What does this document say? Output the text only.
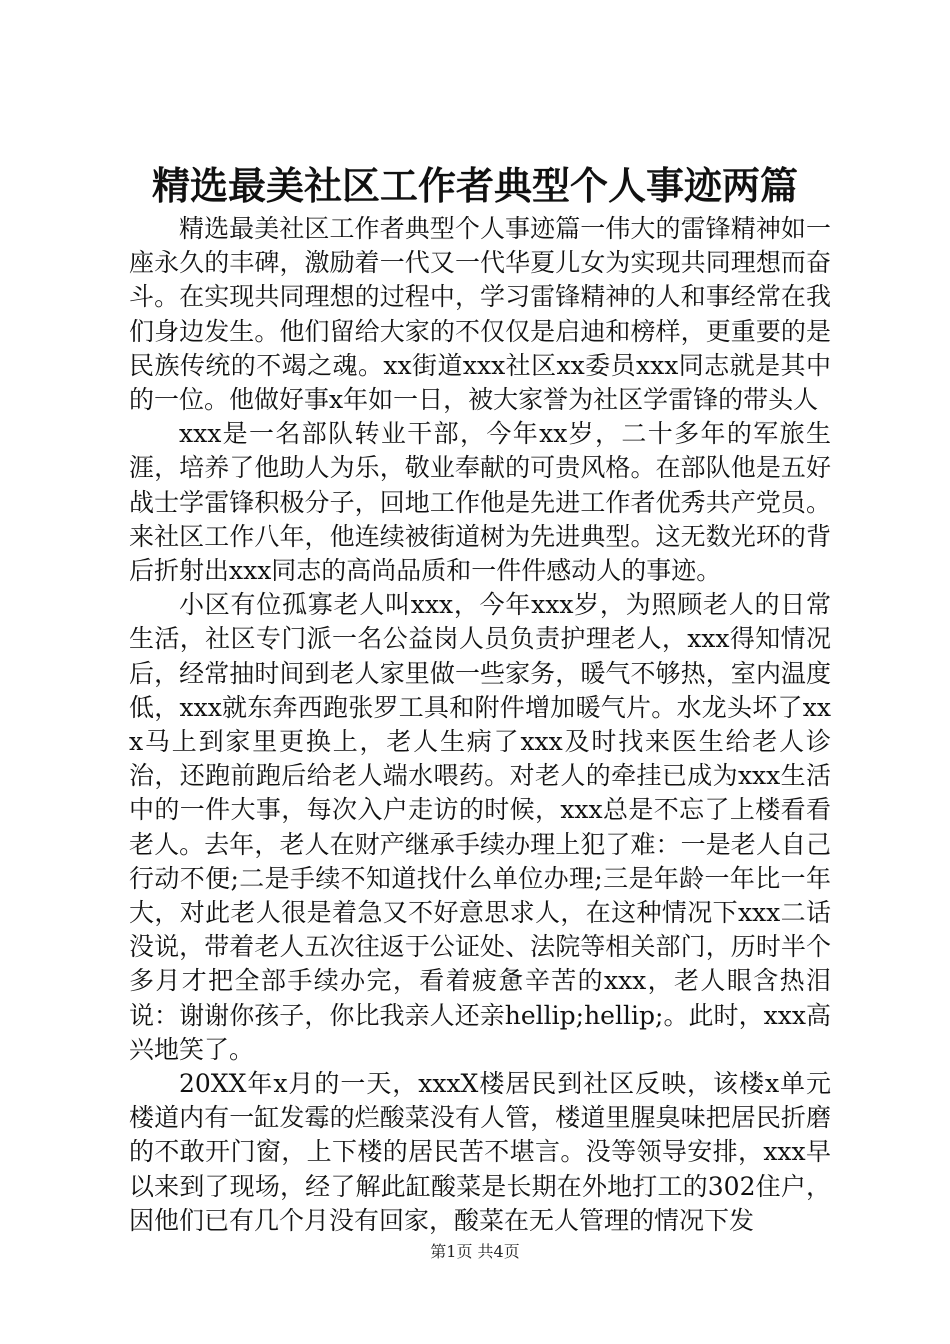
精选最美社区工作者典型个人事迹两篇

精选最美社区工作者典型个人事迹篇一伟大的雷锋精神如一座永久的丰碑，激励着一代又一代华夏儿女为实现共同理想而奋斗。在实现共同理想的过程中，学习雷锋精神的人和事经常在我们身边发生。他们留给大家的不仅仅是启迪和榜样，更重要的是民族传统的不竭之魂。xx街道xxx社区xx委员xxx同志就是其中的一位。他做好事x年如一日，被大家誉为社区学雷锋的带头人

xxx是一名部队转业干部，今年xx岁，二十多年的军旅生涯，培养了他助人为乐，敬业奉献的可贵风格。在部队他是五好战士学雷锋积极分子，回地工作他是先进工作者优秀共产党员。来社区工作八年，他连续被街道树为先进典型。这无数光环的背后折射出xxx同志的高尚品质和一件件感动人的事迹。

小区有位孤寡老人叫xxx，今年xxx岁，为照顾老人的日常生活，社区专门派一名公益岗人员负责护理老人，xxx得知情况后，经常抽时间到老人家里做一些家务，暖气不够热，室内温度低，xxx就东奔西跑张罗工具和附件增加暖气片。水龙头坏了xxx马上到家里更换上，老人生病了xxx及时找来医生给老人诊治，还跑前跑后给老人端水喂药。对老人的牵挂已成为xxx生活中的一件大事，每次入户走访的时候，xxx总是不忘了上楼看看老人。去年，老人在财产继承手续办理上犯了难：一是老人自己行动不便;二是手续不知道找什么单位办理;三是年龄一年比一年大，对此老人很是着急又不好意思求人，在这种情况下xxx二话没说，带着老人五次往返于公证处、法院等相关部门，历时半个多月才把全部手续办完，看着疲惫辛苦的xxx，老人眼含热泪说：谢谢你孩子，你比我亲人还亲hellip;hellip;。此时，xxx高兴地笑了。

20XX年x月的一天，xxxX楼居民到社区反映，该楼x单元楼道内有一缸发霉的烂酸菜没有人管，楼道里腥臭味把居民折磨的不敢开门窗，上下楼的居民苦不堪言。没等领导安排，xxx早以来到了现场，经了解此缸酸菜是长期在外地打工的302住户，因他们已有几个月没有回家，酸菜在无人管理的情况下发

第1页 共4页
